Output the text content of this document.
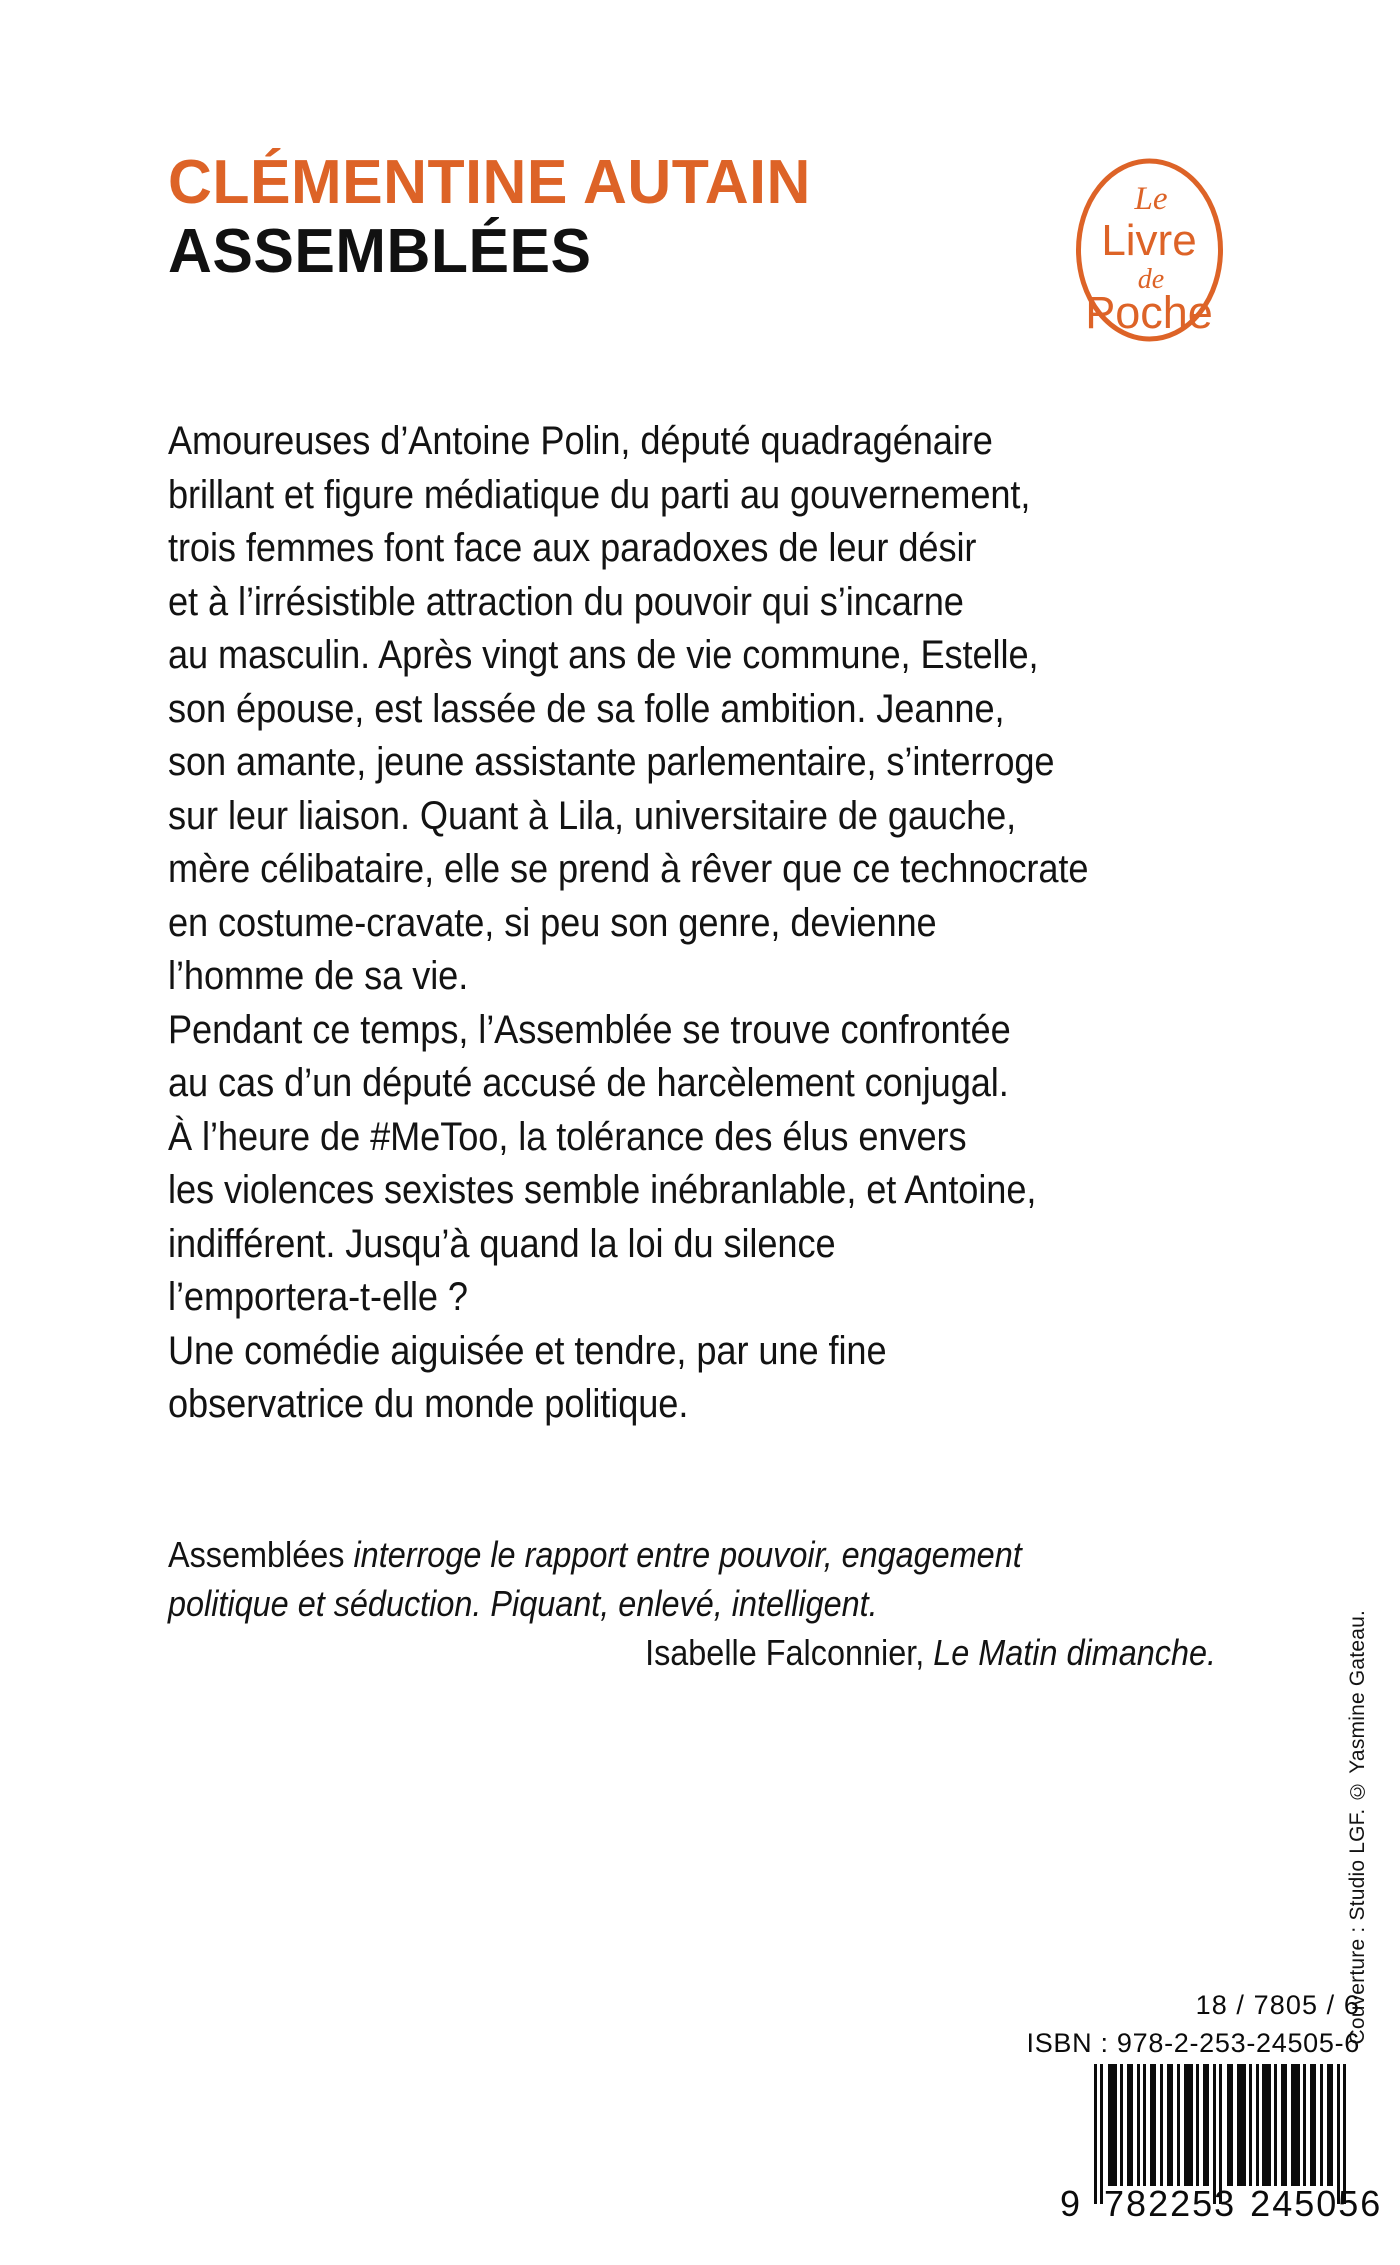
CLÉMENTINE AUTAIN
ASSEMBLÉES
Le
Livre
de
Poche
Amoureuses d’Antoine Polin, député quadragénaire
brillant et figure médiatique du parti au gouvernement,
trois femmes font face aux paradoxes de leur désir
et à l’irrésistible attraction du pouvoir qui s’incarne
au masculin. Après vingt ans de vie commune, Estelle,
son épouse, est lassée de sa folle ambition. Jeanne,
son amante, jeune assistante parlementaire, s’interroge
sur leur liaison. Quant à Lila, universitaire de gauche,
mère célibataire, elle se prend à rêver que ce technocrate
en costume-cravate, si peu son genre, devienne
l’homme de sa vie.
Pendant ce temps, l’Assemblée se trouve confrontée
au cas d’un député accusé de harcèlement conjugal.
À l’heure de #MeToo, la tolérance des élus envers
les violences sexistes semble inébranlable, et Antoine,
indifférent. Jusqu’à quand la loi du silence
l’emportera-t-elle ?
Une comédie aiguisée et tendre, par une fine
observatrice du monde politique.
Assemblées interroge le rapport entre pouvoir, engagement
politique et séduction. Piquant, enlevé, intelligent.
Isabelle Falconnier, Le Matin dimanche.	Couverture : Studio LGF. © Yasmine Gateau.
18 / 7805 / 6
ISBN : 978-2-253-24505-6
9 782253 245056
